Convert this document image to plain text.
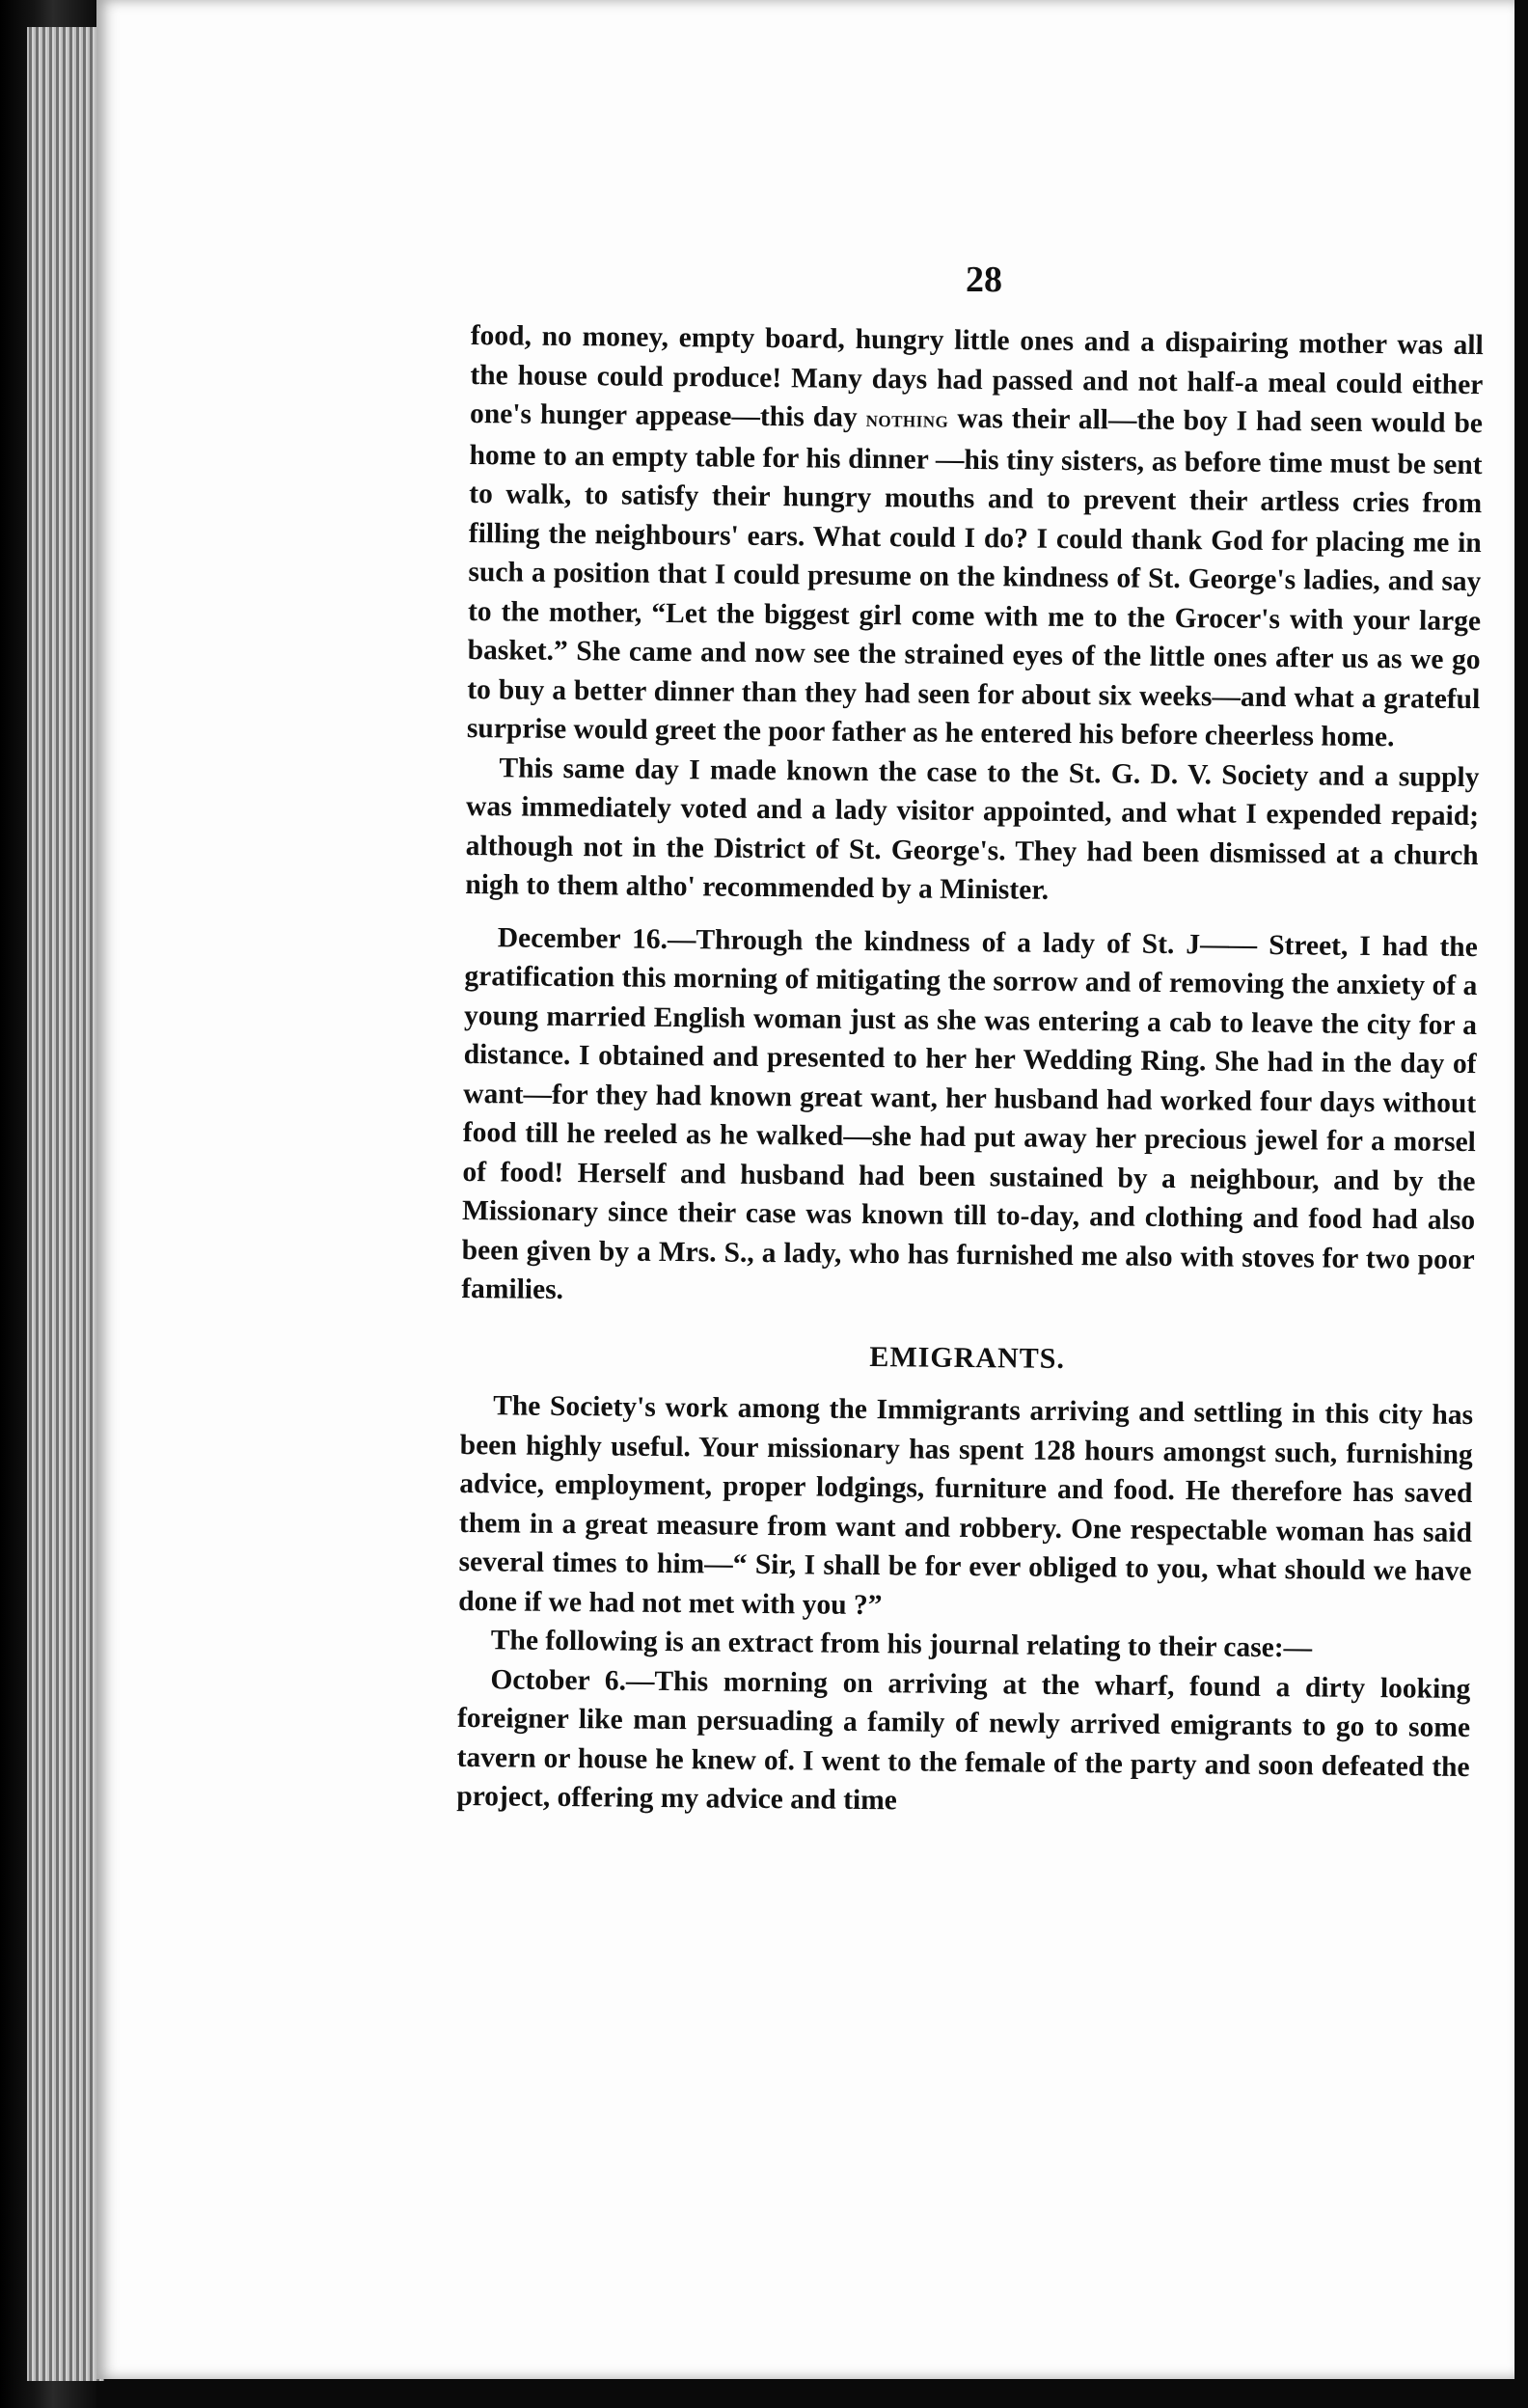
28

food, no money, empty board, hungry little ones and a dispairing mother was all the house could produce! Many days had passed and not half-a meal could either one's hunger appease—this day nothing was their all—the boy I had seen would be home to an empty table for his dinner —his tiny sisters, as before time must be sent to walk, to satisfy their hungry mouths and to prevent their artless cries from filling the neighbours' ears. What could I do? I could thank God for placing me in such a position that I could presume on the kindness of St. George's ladies, and say to the mother, “Let the biggest girl come with me to the Grocer's with your large basket.” She came and now see the strained eyes of the little ones after us as we go to buy a better dinner than they had seen for about six weeks—and what a grateful surprise would greet the poor father as he entered his before cheerless home.

This same day I made known the case to the St. G. D. V. Society and a supply was immediately voted and a lady visitor appointed, and what I expended repaid; although not in the District of St. George's. They had been dismissed at a church nigh to them altho' recommended by a Minister.

December 16.—Through the kindness of a lady of St. J—— Street, I had the gratification this morning of mitigating the sorrow and of removing the anxiety of a young married English woman just as she was entering a cab to leave the city for a distance. I obtained and presented to her her Wedding Ring. She had in the day of want—for they had known great want, her husband had worked four days without food till he reeled as he walked—she had put away her precious jewel for a morsel of food! Herself and husband had been sustained by a neighbour, and by the Missionary since their case was known till to-day, and clothing and food had also been given by a Mrs. S., a lady, who has furnished me also with stoves for two poor families.

EMIGRANTS.

The Society's work among the Immigrants arriving and settling in this city has been highly useful. Your missionary has spent 128 hours amongst such, furnishing advice, employment, proper lodgings, furniture and food. He therefore has saved them in a great measure from want and robbery. One respectable woman has said several times to him—“ Sir, I shall be for ever obliged to you, what should we have done if we had not met with you ?”

The following is an extract from his journal relating to their case:—

October 6.—This morning on arriving at the wharf, found a dirty looking foreigner like man persuading a family of newly arrived emigrants to go to some tavern or house he knew of. I went to the female of the party and soon defeated the project, offering my advice and time
